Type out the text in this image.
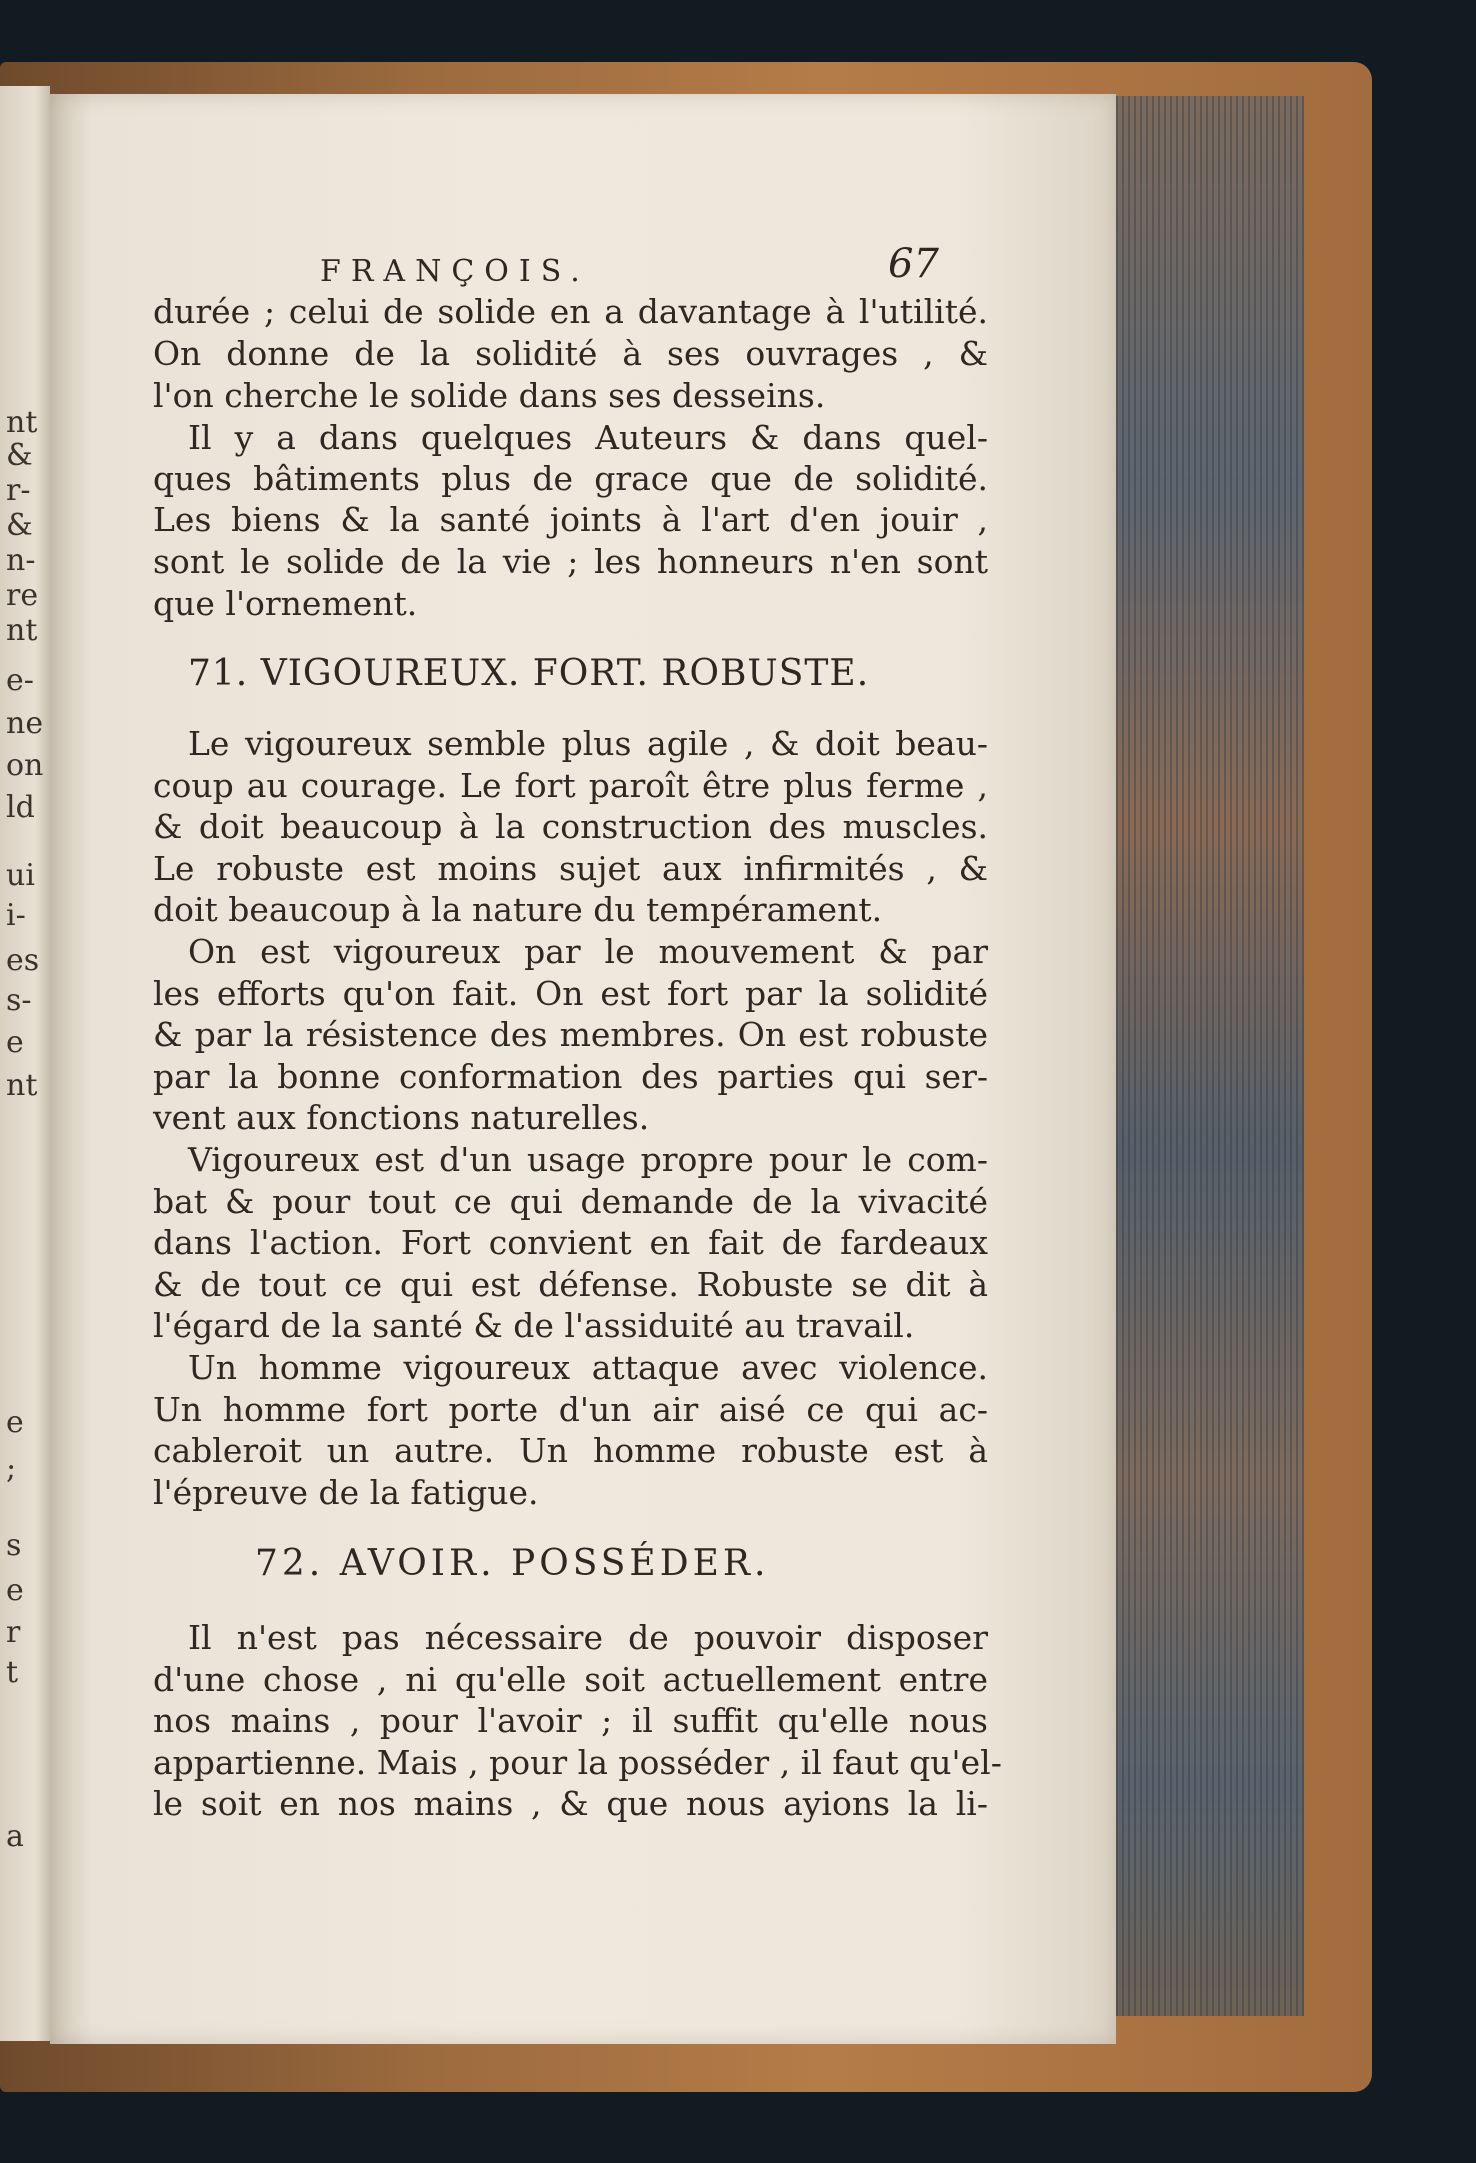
nt
&
r-
&
n-
re
nt
e-
ne
on
ld
ui
i-
es
s-
e
nt
e
;
s
e
r
t
a
FRANÇOIS.	67
durée ; celui de solide en a davantage à l'utilité.
On donne de la solidité à ses ouvrages , &
l'on cherche le solide dans ses desseins.
Il y a dans quelques Auteurs & dans quel-
ques bâtiments plus de grace que de solidité.
Les biens & la santé joints à l'art d'en jouir ,
sont le solide de la vie ; les honneurs n'en sont
que l'ornement.
71. VIGOUREUX. FORT. ROBUSTE.
Le vigoureux semble plus agile , & doit beau-
coup au courage. Le fort paroît être plus ferme ,
& doit beaucoup à la construction des muscles.
Le robuste est moins sujet aux infirmités , &
doit beaucoup à la nature du tempérament.
On est vigoureux par le mouvement & par
les efforts qu'on fait. On est fort par la solidité
& par la résistence des membres. On est robuste
par la bonne conformation des parties qui ser-
vent aux fonctions naturelles.
Vigoureux est d'un usage propre pour le com-
bat & pour tout ce qui demande de la vivacité
dans l'action. Fort convient en fait de fardeaux
& de tout ce qui est défense. Robuste se dit à
l'égard de la santé & de l'assiduité au travail.
Un homme vigoureux attaque avec violence.
Un homme fort porte d'un air aisé ce qui ac-
cableroit un autre. Un homme robuste est à
l'épreuve de la fatigue.
72. AVOIR. POSSÉDER.
Il n'est pas nécessaire de pouvoir disposer
d'une chose , ni qu'elle soit actuellement entre
nos mains , pour l'avoir ; il suffit qu'elle nous
appartienne. Mais , pour la posséder , il faut qu'el-
le soit en nos mains , & que nous ayions la li-
